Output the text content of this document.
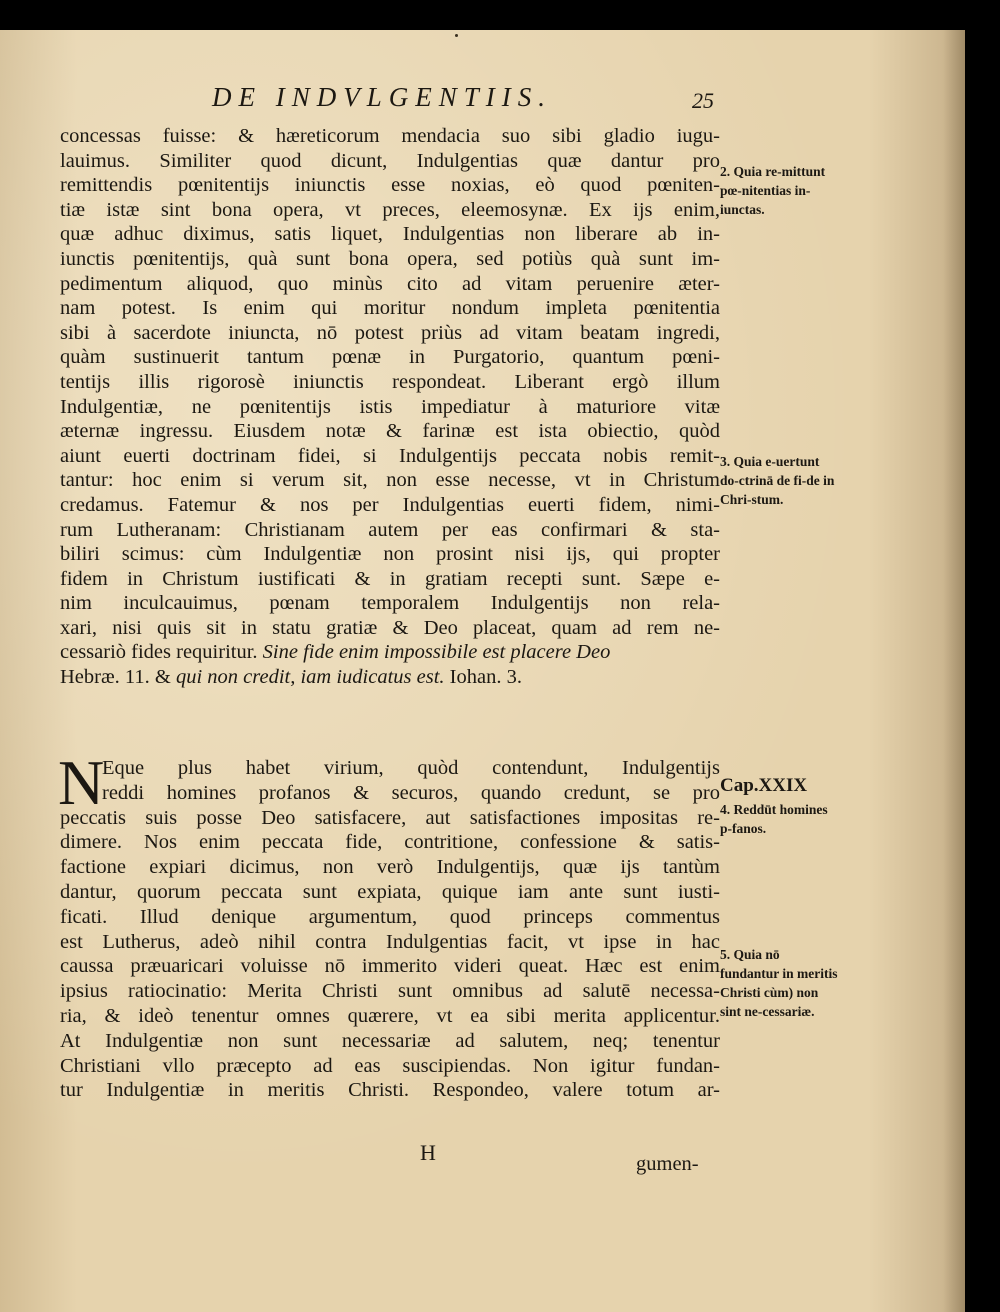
DE INDVLGENTIIS.	25
concessas fuisse: & hæreticorum mendacia suo sibi gladio iugu-
lauimus. Similiter quod dicunt, Indulgentias quæ dantur pro
remittendis pœnitentijs iniunctis esse noxias, eò quod pœniten-
tiæ istæ sint bona opera, vt preces, eleemosynæ. Ex ijs enim,
quæ adhuc diximus, satis liquet, Indulgentias non liberare ab in-
iunctis pœnitentijs, quà sunt bona opera, sed potiùs quà sunt im-
pedimentum aliquod, quo minùs cito ad vitam peruenire æter-
nam potest. Is enim qui moritur nondum impleta pœnitentia
sibi à sacerdote iniuncta, nō potest priùs ad vitam beatam ingredi,
quàm sustinuerit tantum pœnæ in Purgatorio, quantum pœni-
tentijs illis rigorosè iniunctis respondeat. Liberant ergò illum
Indulgentiæ, ne pœnitentijs istis impediatur à maturiore vitæ
æternæ ingressu. Eiusdem notæ & farinæ est ista obiectio, quòd
aiunt euerti doctrinam fidei, si Indulgentijs peccata nobis remit-
tantur: hoc enim si verum sit, non esse necesse, vt in Christum
credamus. Fatemur & nos per Indulgentias euerti fidem, nimi-
rum Lutheranam: Christianam autem per eas confirmari & sta-
biliri scimus: cùm Indulgentiæ non prosint nisi ijs, qui propter
fidem in Christum iustificati & in gratiam recepti sunt. Sæpe e-
nim inculcauimus, pœnam temporalem Indulgentijs non rela-
xari, nisi quis sit in statu gratiæ & Deo placeat, quam ad rem ne-
cessariò fides requiritur. Sine fide enim impossibile est placere Deo
Hebræ. 11. & qui non credit, iam iudicatus est. Iohan. 3.
N
Eque plus habet virium, quòd contendunt, Indulgentijs
reddi homines profanos & securos, quando credunt, se pro
peccatis suis posse Deo satisfacere, aut satisfactiones impositas re-
dimere. Nos enim peccata fide, contritione, confessione & satis-
factione expiari dicimus, non verò Indulgentijs, quæ ijs tantùm
dantur, quorum peccata sunt expiata, quique iam ante sunt iusti-
ficati. Illud denique argumentum, quod princeps commentus
est Lutherus, adeò nihil contra Indulgentias facit, vt ipse in hac
caussa præuaricari voluisse nō immerito videri queat. Hæc est enim
ipsius ratiocinatio: Merita Christi sunt omnibus ad salutē necessa-
ria, & ideò tenentur omnes quærere, vt ea sibi merita applicentur.
At Indulgentiæ non sunt necessariæ ad salutem, neq; tenentur
Christiani vllo præcepto ad eas suscipiendas. Non igitur fundan-
tur Indulgentiæ in meritis Christi. Respondeo, valere totum ar-
2. Quia re-mittunt pœ-nitentias in-iunctas.
3. Quia e-uertunt do-ctrinā de fi-de in Chri-stum.
Cap.XXIX
4. Reddūt homines p-fanos.
5. Quia nō fundantur in meritis Christi cùm) non sint ne-cessariæ.
H	gumen-
